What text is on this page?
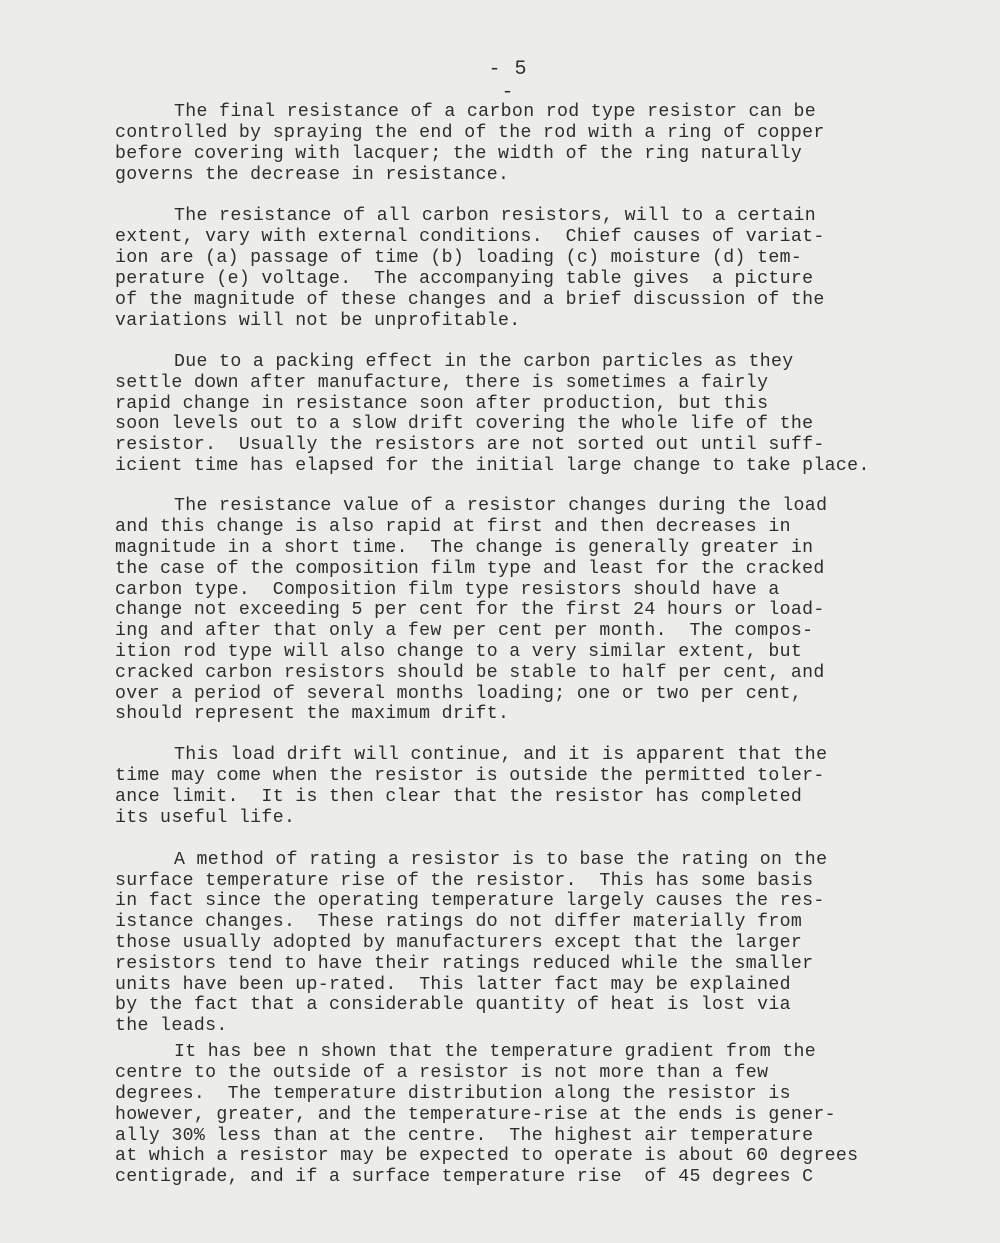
- 5 -
The final resistance of a carbon rod type resistor can be
controlled by spraying the end of the rod with a ring of copper
before covering with lacquer; the width of the ring naturally
governs the decrease in resistance.
The resistance of all carbon resistors, will to a certain
extent, vary with external conditions.  Chief causes of variat-
ion are (a) passage of time (b) loading (c) moisture (d) tem-
perature (e) voltage.  The accompanying table gives  a picture
of the magnitude of these changes and a brief discussion of the
variations will not be unprofitable.
Due to a packing effect in the carbon particles as they
settle down after manufacture, there is sometimes a fairly
rapid change in resistance soon after production, but this
soon levels out to a slow drift covering the whole life of the
resistor.  Usually the resistors are not sorted out until suff-
icient time has elapsed for the initial large change to take place.
The resistance value of a resistor changes during the load
and this change is also rapid at first and then decreases in
magnitude in a short time.  The change is generally greater in
the case of the composition film type and least for the cracked
carbon type.  Composition film type resistors should have a
change not exceeding 5 per cent for the first 24 hours or load-
ing and after that only a few per cent per month.  The compos-
ition rod type will also change to a very similar extent, but
cracked carbon resistors should be stable to half per cent, and
over a period of several months loading; one or two per cent,
should represent the maximum drift.
This load drift will continue, and it is apparent that the
time may come when the resistor is outside the permitted toler-
ance limit.  It is then clear that the resistor has completed
its useful life.
A method of rating a resistor is to base the rating on the
surface temperature rise of the resistor.  This has some basis
in fact since the operating temperature largely causes the res-
istance changes.  These ratings do not differ materially from
those usually adopted by manufacturers except that the larger
resistors tend to have their ratings reduced while the smaller
units have been up-rated.  This latter fact may be explained
by the fact that a considerable quantity of heat is lost via
the leads.
It has bee n shown that the temperature gradient from the
centre to the outside of a resistor is not more than a few
degrees.  The temperature distribution along the resistor is
however, greater, and the temperature-rise at the ends is gener-
ally 30% less than at the centre.  The highest air temperature
at which a resistor may be expected to operate is about 60 degrees
centigrade, and if a surface temperature rise  of 45 degrees C
